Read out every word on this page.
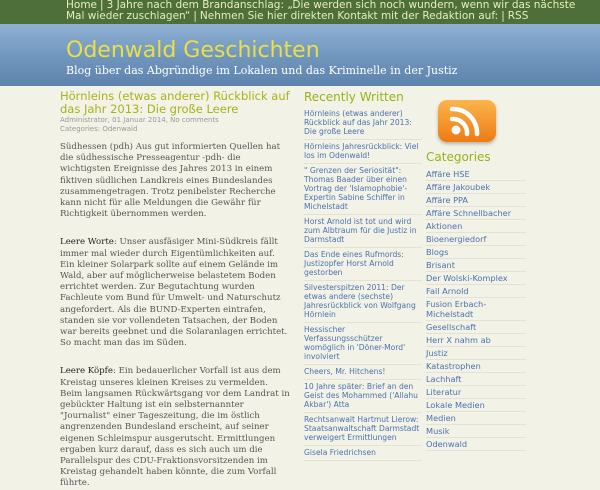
Home | 3 Jahre nach dem Brandanschlag: „Die werden sich noch wundern, wenn wir das nächste Mal wieder zuschlagen“ | Nehmen Sie hier direkten Kontakt mit der Redaktion auf: | RSS
Odenwald Geschichten
Blog über das Abgründige im Lokalen und das Kriminelle in der Justiz
Hörnleins (etwas anderer) Rückblick auf das Jahr 2013: Die große Leere
Administrator, 01 Januar 2014, No comments
Categories: Odenwald

Südhessen (pdh) Aus gut informierten Quellen hat die südhessische Presseagentur -pdh- die wichtigsten Ereignisse des Jahres 2013 in einem fiktiven südlichen Landkreis eines Bundeslandes zusammengetragen. Trotz penibelster Recherche kann nicht für alle Meldungen die Gewähr für Richtigkeit übernommen werden.

Leere Worte: Unser ausfäsiger Mini-Südkreis fällt immer mal wieder durch Eigentümlichkeiten auf. Ein kleiner Solarpark sollte auf einem Gelände im Wald, aber auf möglicherweise belastetem Boden errichtet werden. Zur Begutachtung wurden Fachleute vom Bund für Umwelt- und Naturschutz angefordert. Als die BUND-Experten eintrafen, standen sie vor vollendeten Tatsachen, der Boden war bereits geebnet und die Solaranlagen errichtet. So macht man das im Süden.

Leere Köpfe: Ein bedauerlicher Vorfall ist aus dem Kreistag unseres kleinen Kreises zu vermelden. Beim langsamen Rückwärtsgang vor dem Landrat in gebückter Haltung ist ein selbsternannter "Journalist" einer Tageszeitung, die im östlich angrenzenden Bundesland erscheint, auf seiner eigenen Schleimspur ausgerutscht. Ermittlungen ergaben kurz darauf, dass es sich auch um die Parallelspur des CDU-Fraktionsvorsitzenden im Kreistag gehandelt haben könnte, die zum Vorfall führte.

Recently Written
Hörnleins (etwas anderer) Rückblick auf das Jahr 2013: Die große Leere
Hörnleins Jahresrückblick: Viel los im Odenwald!
" Grenzen der Seriosität": Thomas Baader über einen Vortrag der 'Islamophobie'-Expertin Sabine Schiffer in Michelstadt
Horst Arnold ist tot und wird zum Albtraum für die Justiz in Darmstadt
Das Ende eines Rufmords: Justizopfer Horst Arnold gestorben
Silvesterspitzen 2011: Der etwas andere (sechste) Jahresrückblick von Wolfgang Hörnlein
Hessischer Verfassungsschützer womöglich in 'Döner-Mord' involviert
Cheers, Mr. Hitchens!
10 Jahre später: Brief an den Geist des Mohammed ('Allahu Akbar') Atta
Rechtsanwalt Hartmut Lierow: Staatsanwaltschaft Darmstadt verweigert Ermittlungen
Gisela Friedrichsen
Categories
Affäre HSE
Affäre Jakoubek
Affäre PPA
Affäre Schnellbacher
Aktionen
Bioenergiedorf
Blogs
Brisant
Der Wolski-Komplex
Fall Arnold
Fusion Erbach-Michelstadt
Gesellschaft
Herr X nahm ab
Justiz
Katastrophen
Lachhaft
Literatur
Lokale Medien
Medien
Musik
Odenwald
